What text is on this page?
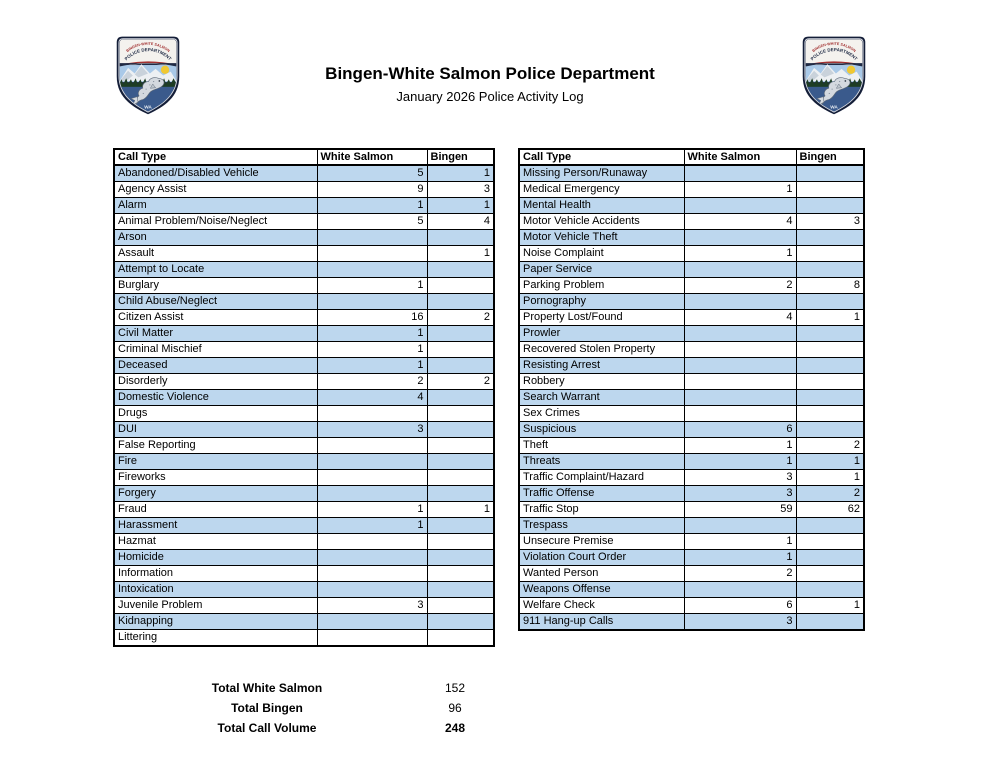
Bingen-White Salmon Police Department
January 2026 Police Activity Log
Call Type	White Salmon	Bingen
Abandoned/Disabled Vehicle	5	1
Agency Assist	9	3
Alarm	1	1
Animal Problem/Noise/Neglect	5	4
Arson		
Assault		1
Attempt to Locate		
Burglary	1	
Child Abuse/Neglect		
Citizen Assist	16	2
Civil Matter	1	
Criminal Mischief	1	
Deceased	1	
Disorderly	2	2
Domestic Violence	4	
Drugs		
DUI	3	
False Reporting		
Fire		
Fireworks		
Forgery		
Fraud	1	1
Harassment	1	
Hazmat		
Homicide		
Information		
Intoxication		
Juvenile Problem	3	
Kidnapping		
Littering		
Call Type	White Salmon	Bingen
Missing Person/Runaway		
Medical Emergency	1	
Mental Health		
Motor Vehicle Accidents	4	3
Motor Vehicle Theft		
Noise Complaint	1	
Paper Service		
Parking Problem	2	8
Pornography		
Property Lost/Found	4	1
Prowler		
Recovered Stolen Property		
Resisting Arrest		
Robbery		
Search Warrant		
Sex Crimes		
Suspicious	6	
Theft	1	2
Threats	1	1
Traffic Complaint/Hazard	3	1
Traffic Offense	3	2
Traffic Stop	59	62
Trespass		
Unsecure Premise	1	
Violation Court Order	1	
Wanted Person	2	
Weapons Offense		
Welfare Check	6	1
911 Hang-up Calls	3	
Total White Salmon	152
Total Bingen	96
Total Call Volume	248
